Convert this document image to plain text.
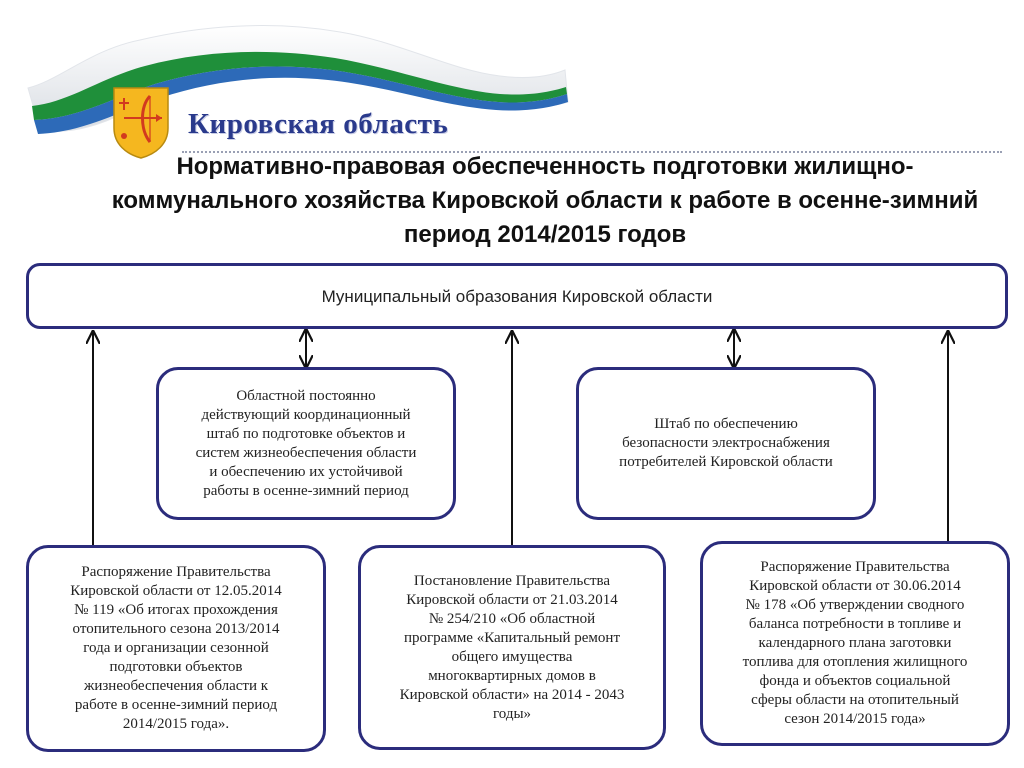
Кировская область
Нормативно-правовая обеспеченность подготовки жилищно-коммунального хозяйства Кировской области к работе в осенне-зимний период 2014/2015 годов
Муниципальный образования Кировской области
Областной постоянно
действующий координационный
штаб по подготовке объектов и
систем жизнеобеспечения области
и обеспечению их устойчивой
работы в осенне-зимний период
Штаб по обеспечению
безопасности электроснабжения
потребителей Кировской области
Распоряжение Правительства
Кировской области от 12.05.2014
№ 119 «Об итогах прохождения
отопительного сезона 2013/2014
года и организации сезонной
подготовки объектов
жизнеобеспечения области к
работе в осенне-зимний период
2014/2015 года».
Постановление Правительства
Кировской области от 21.03.2014
№ 254/210 «Об областной
программе «Капитальный ремонт
общего имущества
многоквартирных домов в
Кировской области» на 2014 - 2043
годы»
Распоряжение Правительства
Кировской области от 30.06.2014
№ 178 «Об утверждении сводного
баланса потребности в топливе и
календарного плана заготовки
топлива для отопления жилищного
фонда и объектов социальной
сферы области на отопительный
сезон 2014/2015 года»
